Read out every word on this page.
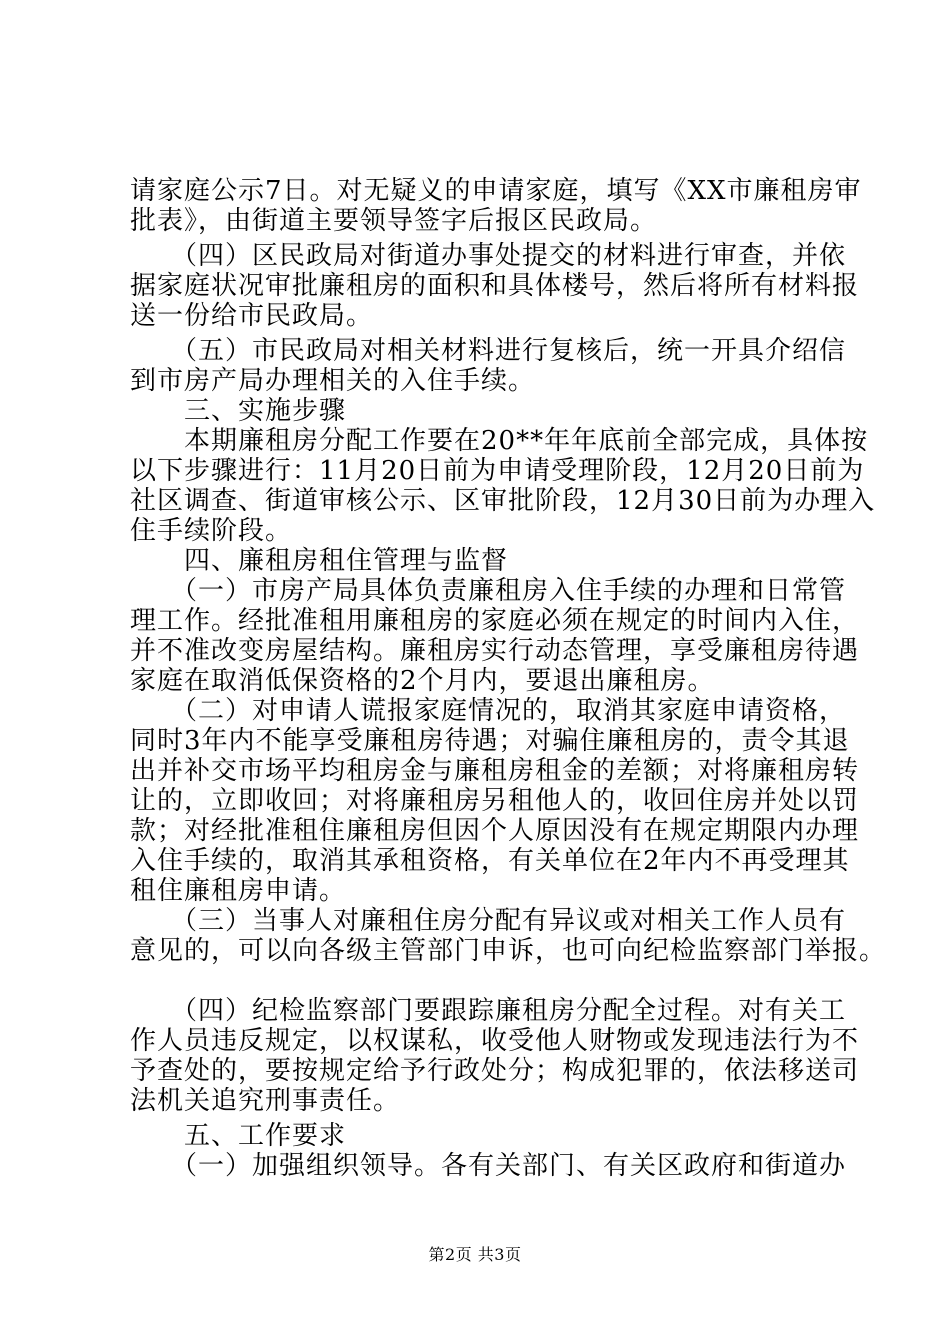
请家庭公示7日。对无疑义的申请家庭，填写《XX市廉租房审
批表》，由街道主要领导签字后报区民政局。
　　（四）区民政局对街道办事处提交的材料进行审查，并依
据家庭状况审批廉租房的面积和具体楼号，然后将所有材料报
送一份给市民政局。
　　（五）市民政局对相关材料进行复核后，统一开具介绍信
到市房产局办理相关的入住手续。
　　三、实施步骤
　　本期廉租房分配工作要在20**年年底前全部完成，具体按
以下步骤进行：11月20日前为申请受理阶段，12月20日前为
社区调查、街道审核公示、区审批阶段，12月30日前为办理入
住手续阶段。
　　四、廉租房租住管理与监督
　　（一）市房产局具体负责廉租房入住手续的办理和日常管
理工作。经批准租用廉租房的家庭必须在规定的时间内入住，
并不准改变房屋结构。廉租房实行动态管理，享受廉租房待遇
家庭在取消低保资格的2个月内，要退出廉租房。
　　（二）对申请人谎报家庭情况的，取消其家庭申请资格，
同时3年内不能享受廉租房待遇；对骗住廉租房的，责令其退
出并补交市场平均租房金与廉租房租金的差额；对将廉租房转
让的，立即收回；对将廉租房另租他人的，收回住房并处以罚
款；对经批准租住廉租房但因个人原因没有在规定期限内办理
入住手续的，取消其承租资格，有关单位在2年内不再受理其
租住廉租房申请。
　　（三）当事人对廉租住房分配有异议或对相关工作人员有
意见的，可以向各级主管部门申诉，也可向纪检监察部门举报。
　　（四）纪检监察部门要跟踪廉租房分配全过程。对有关工
作人员违反规定，以权谋私，收受他人财物或发现违法行为不
予查处的，要按规定给予行政处分；构成犯罪的，依法移送司
法机关追究刑事责任。
　　五、工作要求
　　（一）加强组织领导。各有关部门、有关区政府和街道办
第2页 共3页
